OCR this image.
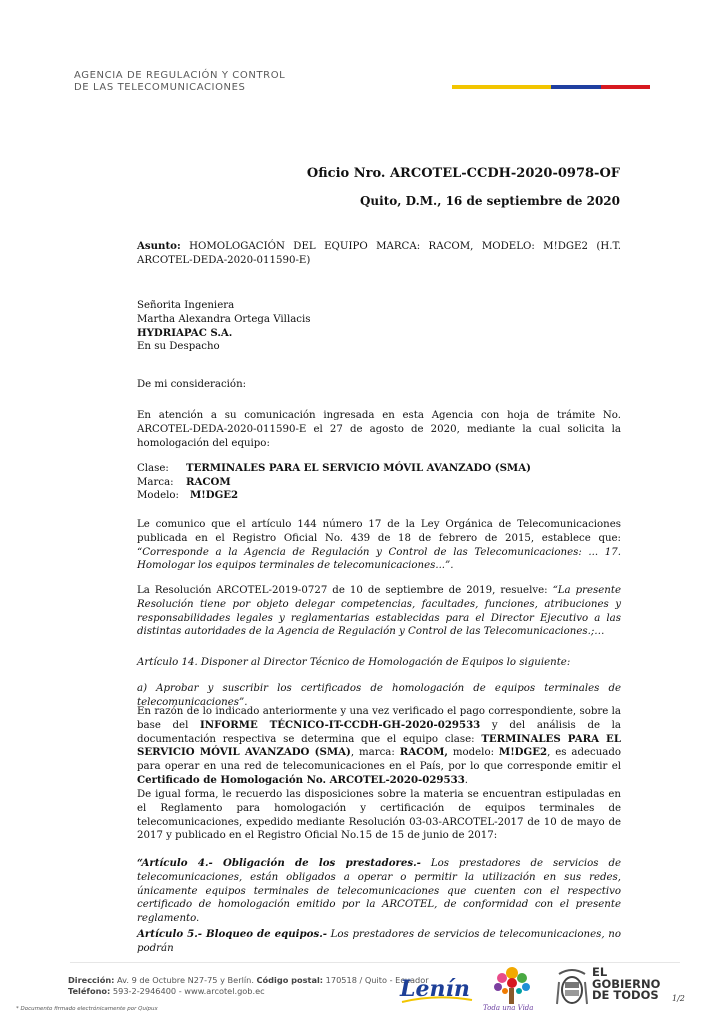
AGENCIA DE REGULACIÓN Y CONTROL
DE LAS TELECOMUNICACIONES
Oficio Nro. ARCOTEL-CCDH-2020-0978-OF
Quito, D.M., 16 de septiembre de 2020

Asunto: HOMOLOGACIÓN DEL EQUIPO MARCA: RACOM, MODELO: M!DGE2 (H.T. ARCOTEL-DEDA-2020-011590-E)

Señorita Ingeniera
Martha Alexandra Ortega Villacis
HYDRIAPAC S.A.
En su Despacho

De mi consideración:

En atención a su comunicación ingresada en esta Agencia con hoja de trámite No. ARCOTEL-DEDA-2020-011590-E el 27 de agosto de 2020, mediante la cual solicita la homologación del equipo:

Clase:	TERMINALES PARA EL SERVICIO MÓVIL AVANZADO (SMA)
Marca:	RACOM
Modelo:	M!DGE2

Le comunico que el artículo 144 número 17 de la Ley Orgánica de Telecomunicaciones publicada en el Registro Oficial No. 439 de 18 de febrero de 2015, establece que: “Corresponde a la Agencia de Regulación y Control de las Telecomunicaciones: ... 17. Homologar los equipos terminales de telecomunicaciones...”.

La Resolución ARCOTEL-2019-0727 de 10 de septiembre de 2019, resuelve: “La presente Resolución tiene por objeto delegar competencias, facultades, funciones, atribuciones y responsabilidades legales y reglamentarias establecidas para el Director Ejecutivo a las distintas autoridades de la Agencia de Regulación y Control de las Telecomunicaciones.;…

Artículo 14. Disponer al Director Técnico de Homologación de Equipos lo siguiente:

a) Aprobar y suscribir los certificados de homologación de equipos terminales de telecomunicaciones”.

En razón de lo indicado anteriormente y una vez verificado el pago correspondiente, sobre la base del INFORME TÉCNICO-IT-CCDH-GH-2020-029533 y del análisis de la documentación respectiva se determina que el equipo clase: TERMINALES PARA EL SERVICIO MÓVIL AVANZADO (SMA), marca: RACOM, modelo: M!DGE2, es adecuado para operar en una red de telecomunicaciones en el País, por lo que corresponde emitir el Certificado de Homologación No. ARCOTEL-2020-029533.

De igual forma, le recuerdo las disposiciones sobre la materia se encuentran estipuladas en el Reglamento para homologación y certificación de equipos terminales de telecomunicaciones, expedido mediante Resolución 03-03-ARCOTEL-2017 de 10 de mayo de 2017 y publicado en el Registro Oficial No.15 de 15 de junio de 2017:

“Artículo 4.- Obligación de los prestadores.- Los prestadores de servicios de telecomunicaciones, están obligados a operar o permitir la utilización en sus redes, únicamente equipos terminales de telecomunicaciones que cuenten con el respectivo certificado de homologación emitido por la ARCOTEL, de conformidad con el presente reglamento.

Artículo 5.- Bloqueo de equipos.- Los prestadores de servicios de telecomunicaciones, no podrán

Dirección: Av. 9 de Octubre N27-75 y Berlín. Código postal: 170518 / Quito - Ecuador
Teléfono: 593-2-2946400 - www.arcotel.gob.ec
* Documento firmado electrónicamente por Quipux
Lenín
Toda una Vida
EL
GOBIERNO
DE TODOS 1/2
